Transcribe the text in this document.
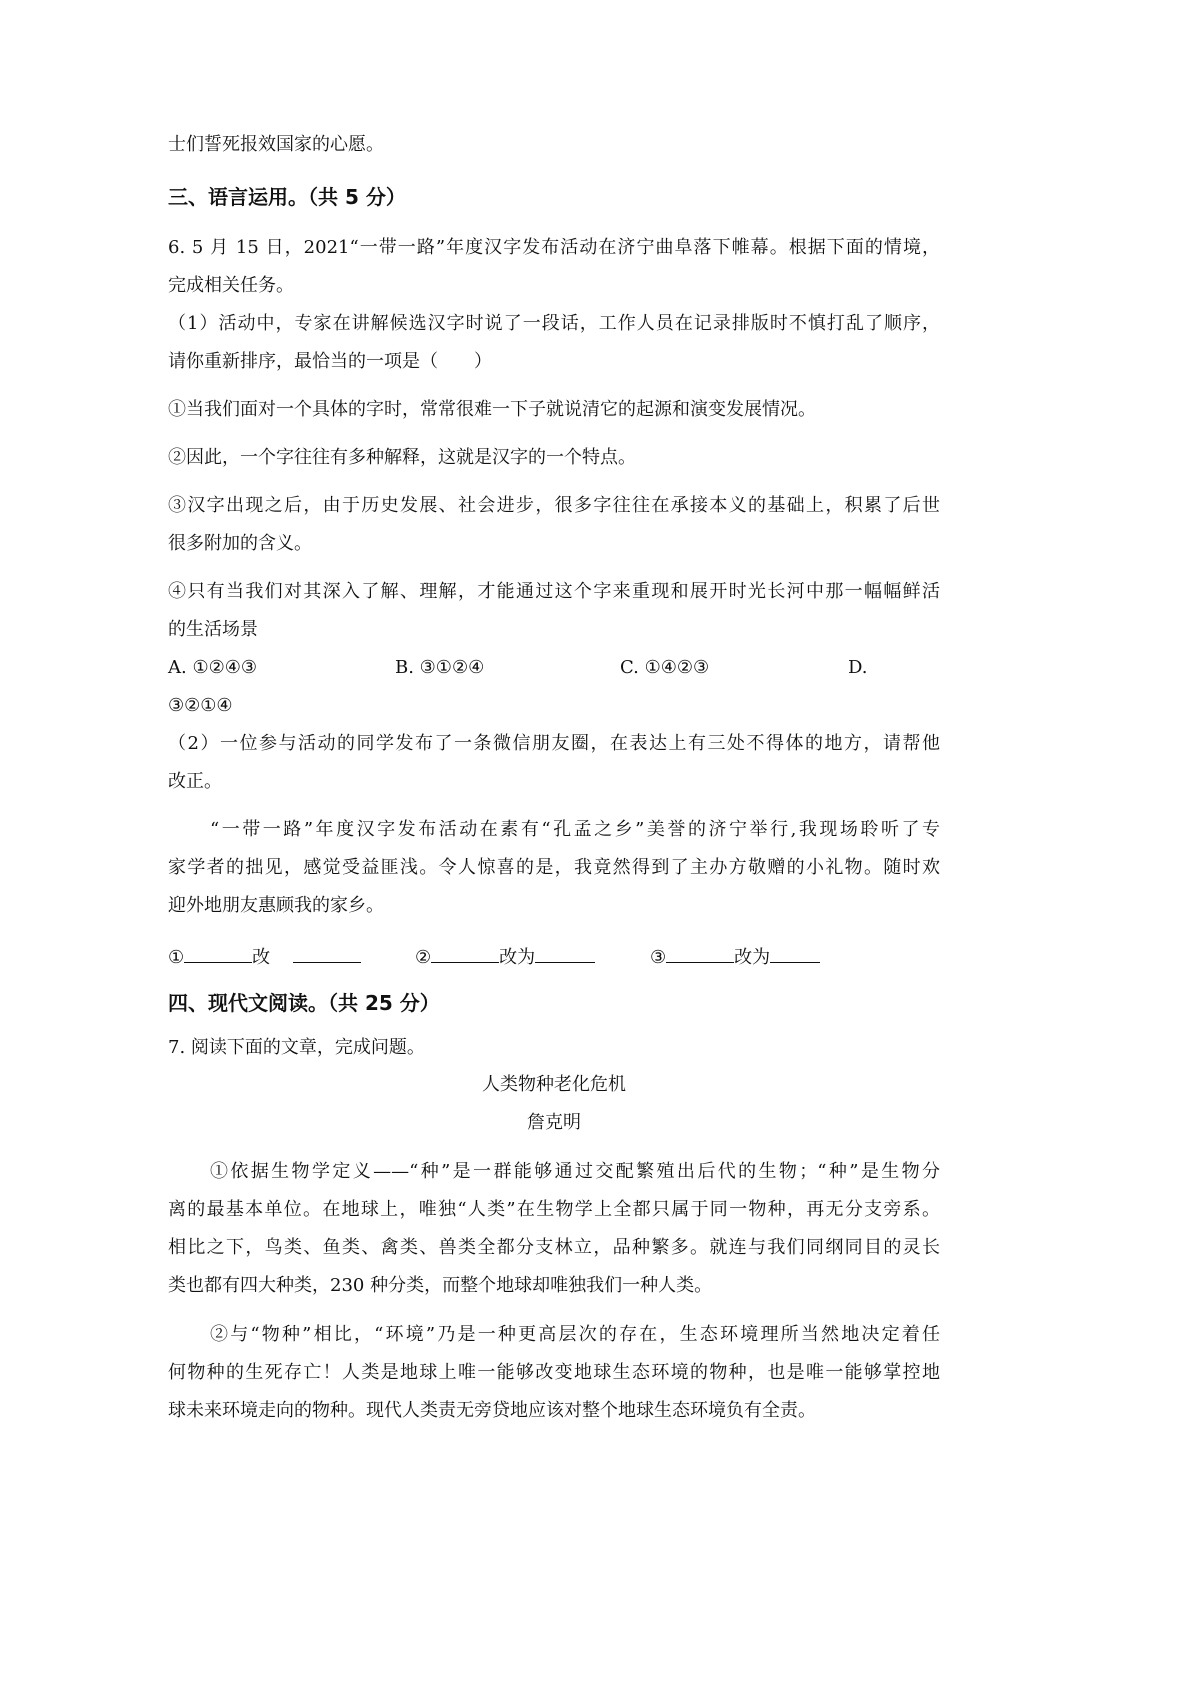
士们誓死报效国家的心愿。
三、语言运用。（共 5 分）
6. 5 月 15 日，2021“一带一路”年度汉字发布活动在济宁曲阜落下帷幕。根据下面的情境，
完成相关任务。
（1）活动中，专家在讲解候选汉字时说了一段话，工作人员在记录排版时不慎打乱了顺序，
请你重新排序，最恰当的一项是（　　）
①当我们面对一个具体的字时，常常很难一下子就说清它的起源和演变发展情况。
②因此，一个字往往有多种解释，这就是汉字的一个特点。
③汉字出现之后，由于历史发展、社会进步，很多字往往在承接本义的基础上，积累了后世
很多附加的含义。
④只有当我们对其深入了解、理解，才能通过这个字来重现和展开时光长河中那一幅幅鲜活
的生活场景
A. ①②④③	B. ③①②④	C. ①④②③	D.
③②①④
（2）一位参与活动的同学发布了一条微信朋友圈，在表达上有三处不得体的地方，请帮他
改正。
“一带一路”年度汉字发布活动在素有“孔孟之乡”美誉的济宁举行,我现场聆听了专
家学者的拙见，感觉受益匪浅。令人惊喜的是，我竟然得到了主办方敬赠的小礼物。随时欢
迎外地朋友惠顾我的家乡。
①	改	②	改为	③	改为
四、现代文阅读。（共 25 分）
7. 阅读下面的文章，完成问题。
人类物种老化危机
詹克明
①依据生物学定义——“种”是一群能够通过交配繁殖出后代的生物；“种”是生物分
离的最基本单位。在地球上，唯独“人类”在生物学上全都只属于同一物种，再无分支旁系。
相比之下，鸟类、鱼类、禽类、兽类全都分支林立，品种繁多。就连与我们同纲同目的灵长
类也都有四大种类，230 种分类，而整个地球却唯独我们一种人类。
②与“物种”相比，“环境”乃是一种更高层次的存在，生态环境理所当然地决定着任
何物种的生死存亡！人类是地球上唯一能够改变地球生态环境的物种，也是唯一能够掌控地
球未来环境走向的物种。现代人类责无旁贷地应该对整个地球生态环境负有全责。
